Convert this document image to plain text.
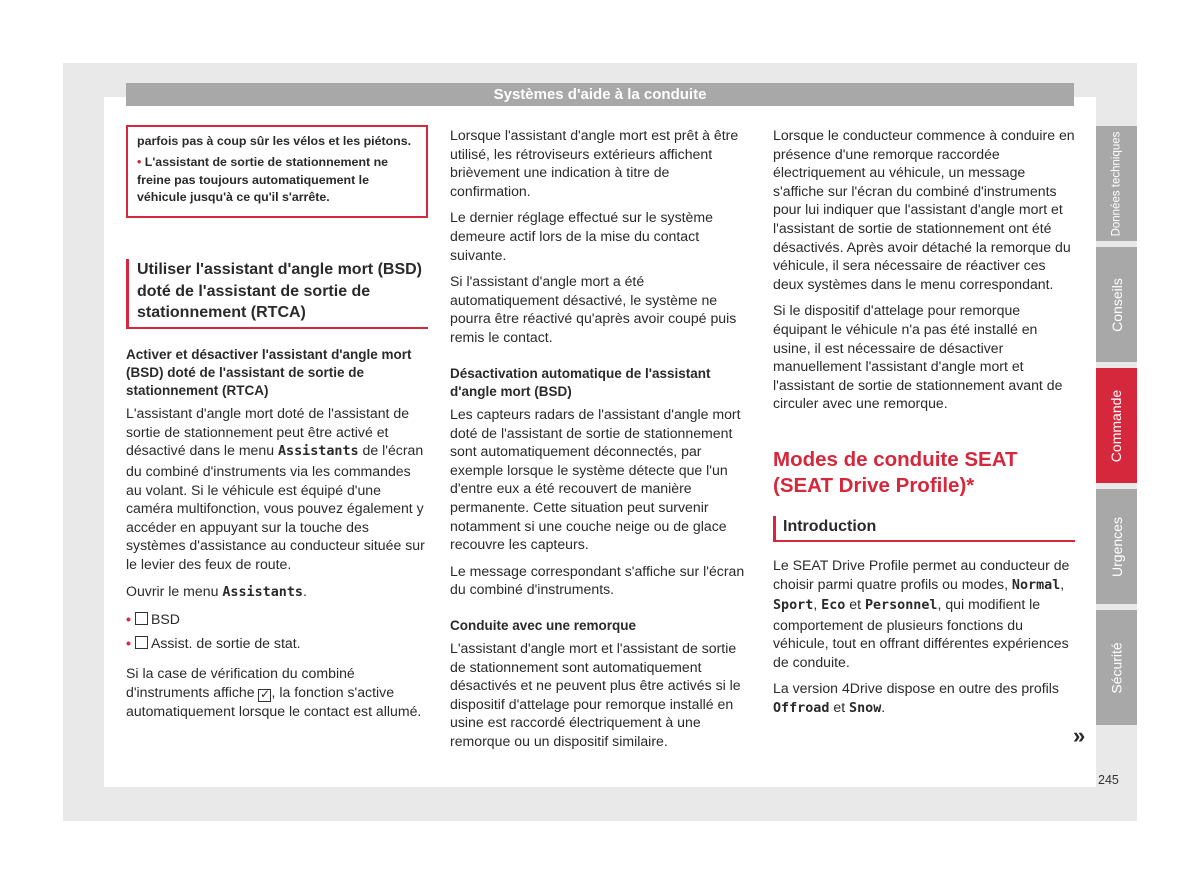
Systèmes d'aide à la conduite

parfois pas à coup sûr les vélos et les piétons.

• L'assistant de sortie de stationnement ne freine pas toujours automatiquement le véhicule jusqu'à ce qu'il s'arrête.

Utiliser l'assistant d'angle mort (BSD) doté de l'assistant de sortie de stationnement (RTCA)

Activer et désactiver l'assistant d'angle mort (BSD) doté de l'assistant de sortie de stationnement (RTCA)

L'assistant d'angle mort doté de l'assistant de sortie de stationnement peut être activé et désactivé dans le menu Assistants de l'écran du combiné d'instruments via les commandes au volant. Si le véhicule est équipé d'une caméra multifonction, vous pouvez également y accéder en appuyant sur la touche des systèmes d'assistance au conducteur située sur le levier des feux de route.

Ouvrir le menu Assistants.

• BSD
• Assist. de sortie de stat.

Si la case de vérification du combiné d'instruments affiche ✓, la fonction s'active automatiquement lorsque le contact est allumé.

Lorsque l'assistant d'angle mort est prêt à être utilisé, les rétroviseurs extérieurs affichent brièvement une indication à titre de confirmation.

Le dernier réglage effectué sur le système demeure actif lors de la mise du contact suivante.

Si l'assistant d'angle mort a été automatiquement désactivé, le système ne pourra être réactivé qu'après avoir coupé puis remis le contact.

Désactivation automatique de l'assistant d'angle mort (BSD)

Les capteurs radars de l'assistant d'angle mort doté de l'assistant de sortie de stationnement sont automatiquement déconnectés, par exemple lorsque le système détecte que l'un d'entre eux a été recouvert de manière permanente. Cette situation peut survenir notamment si une couche neige ou de glace recouvre les capteurs.

Le message correspondant s'affiche sur l'écran du combiné d'instruments.

Conduite avec une remorque

L'assistant d'angle mort et l'assistant de sortie de stationnement sont automatiquement désactivés et ne peuvent plus être activés si le dispositif d'attelage pour remorque installé en usine est raccordé électriquement à une remorque ou un dispositif similaire.

Lorsque le conducteur commence à conduire en présence d'une remorque raccordée électriquement au véhicule, un message s'affiche sur l'écran du combiné d'instruments pour lui indiquer que l'assistant d'angle mort et l'assistant de sortie de stationnement ont été désactivés. Après avoir détaché la remorque du véhicule, il sera nécessaire de réactiver ces deux systèmes dans le menu correspondant.

Si le dispositif d'attelage pour remorque équipant le véhicule n'a pas été installé en usine, il est nécessaire de désactiver manuellement l'assistant d'angle mort et l'assistant de sortie de stationnement avant de circuler avec une remorque.

Modes de conduite SEAT (SEAT Drive Profile)*
Introduction

Le SEAT Drive Profile permet au conducteur de choisir parmi quatre profils ou modes, Normal, Sport, Eco et Personnel, qui modifient le comportement de plusieurs fonctions du véhicule, tout en offrant différentes expériences de conduite.

La version 4Drive dispose en outre des profils Offroad et Snow.

Données techniques
Conseils
Commande
Urgences
Sécurité
»
245
